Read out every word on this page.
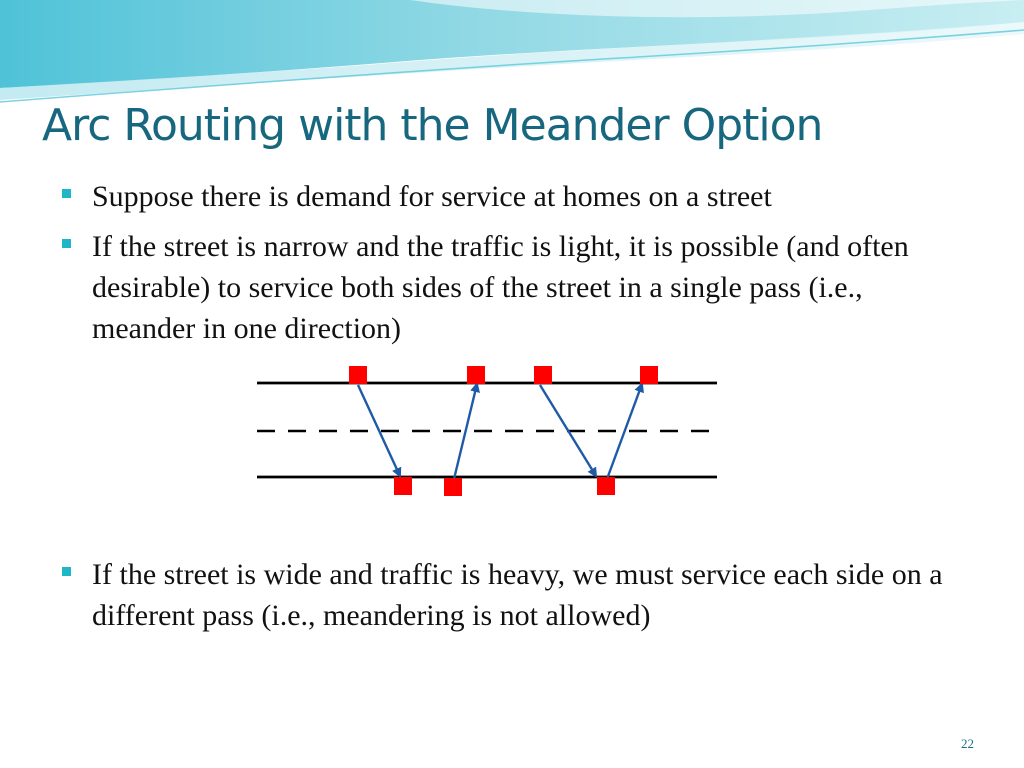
Arc Routing with the Meander Option
Suppose there is demand for service at homes on a street
If the street is narrow and the traffic is light, it is possible (and often desirable) to service both sides of the street in a single pass (i.e., meander in one direction)
If the street is wide and traffic is heavy, we must service each side on a different pass (i.e., meandering is not allowed)
22
